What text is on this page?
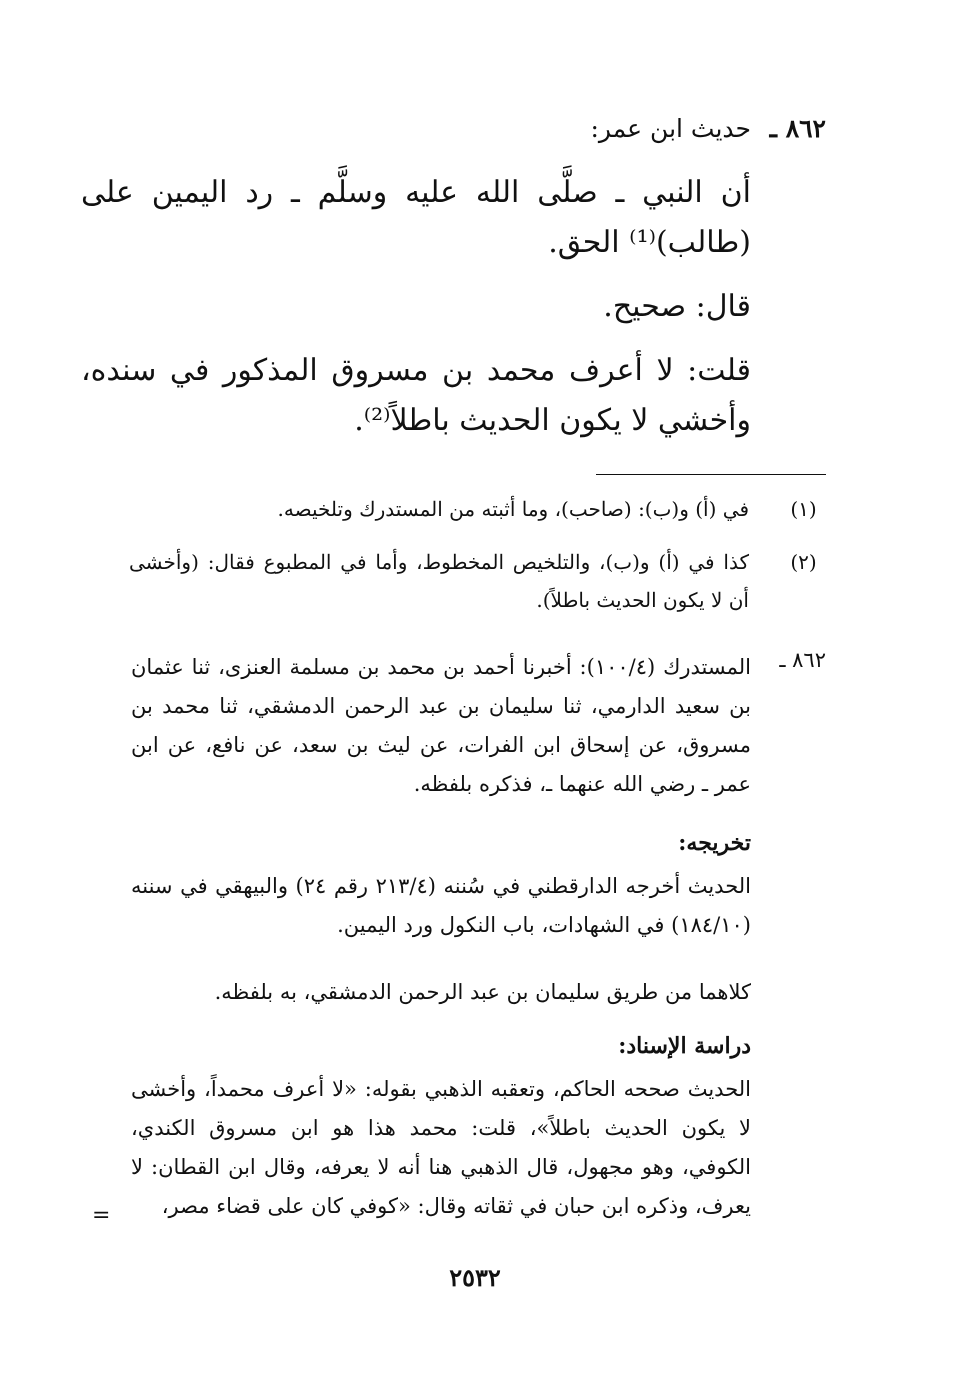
٨٦٢ ـ
حديث ابن عمر:
أن النبي ـ صلَّى الله عليه وسلَّم ـ رد اليمين على (طالب)⁽¹⁾ الحق.
قال: صحيح.
قلت: لا أعرف محمد بن مسروق المذكور في سنده، وأخشي لا يكون الحديث باطلاً⁽²⁾.
(١)
في (أ) و(ب): (صاحب)، وما أثبته من المستدرك وتلخيصه.
(٢)
كذا في (أ) و(ب)، والتلخيص المخطوط، وأما في المطبوع فقال: (وأخشى أن لا يكون الحديث باطلاً).
٨٦٢ ـ
المستدرك (١٠٠/٤): أخبرنا أحمد بن محمد بن مسلمة العنزى، ثنا عثمان بن سعيد الدارمي، ثنا سليمان بن عبد الرحمن الدمشقي، ثنا محمد بن مسروق، عن إسحاق ابن الفرات، عن ليث بن سعد، عن نافع، عن ابن عمر ـ رضي الله عنهما ـ، فذكره بلفظه.
تخريجه:
الحديث أخرجه الدارقطني في سُننه (٢١٣/٤ رقم ٢٤) والبيهقي في سننه (١٨٤/١٠) في الشهادات، باب النكول ورد اليمين.
كلاهما من طريق سليمان بن عبد الرحمن الدمشقي، به بلفظه.
دراسة الإسناد:
الحديث صححه الحاكم، وتعقبه الذهبي بقوله: «لا أعرف محمداً، وأخشى لا يكون الحديث باطلاً»، قلت: محمد هذا هو ابن مسروق الكندي، الكوفي، وهو مجهول، قال الذهبي هنا أنه لا يعرفه، وقال ابن القطان: لا يعرف، وذكره ابن حبان في ثقاته وقال: «كوفي كان على قضاء مصر،
=
٢٥٣٢
